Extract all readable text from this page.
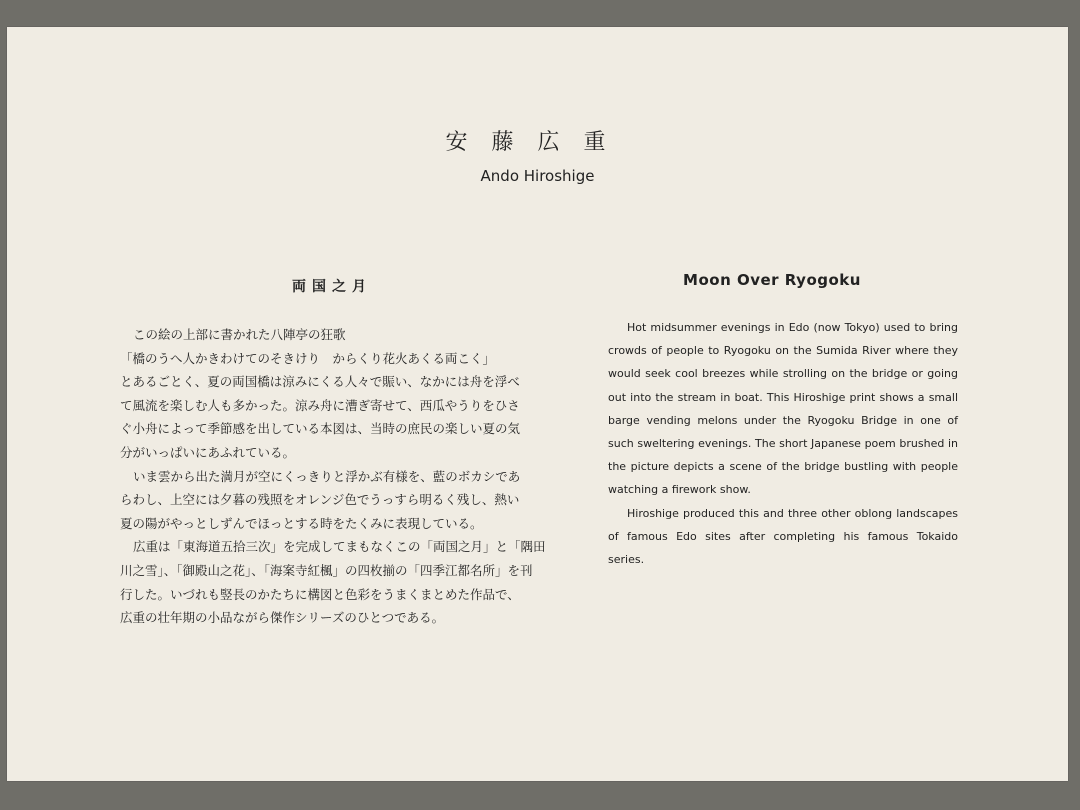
安藤広重
Ando Hiroshige
両国之月
この絵の上部に書かれた八陣亭の狂歌
「橋のうへ人かきわけてのそきけり　からくり花火あくる両こく」
とあるごとく、夏の両国橋は涼みにくる人々で賑い、なかには舟を浮べ
て風流を楽しむ人も多かった。涼み舟に漕ぎ寄せて、西瓜やうりをひさ
ぐ小舟によって季節感を出している本図は、当時の庶民の楽しい夏の気
分がいっぱいにあふれている。
いま雲から出た満月が空にくっきりと浮かぶ有様を、藍のボカシであ
らわし、上空には夕暮の残照をオレンジ色でうっすら明るく残し、熱い
夏の陽がやっとしずんでほっとする時をたくみに表現している。
広重は「東海道五拾三次」を完成してまもなくこの「両国之月」と「隅田
川之雪」、「御殿山之花」、「海案寺紅楓」の四枚揃の「四季江都名所」を刊
行した。いづれも竪長のかたちに構図と色彩をうまくまとめた作品で、
広重の壮年期の小品ながら傑作シリーズのひとつである。
Moon Over Ryogoku

Hot midsummer evenings in Edo (now Tokyo) used to bring crowds of people to Ryogoku on the Sumida River where they would seek cool breezes while strolling on the bridge or going out into the stream in boat. This Hiroshige print shows a small barge vending melons under the Ryogoku Bridge in one of such sweltering evenings. The short Japanese poem brushed in the picture depicts a scene of the bridge bustling with people watching a firework show.

Hiroshige produced this and three other oblong landscapes of famous Edo sites after completing his famous Tokaido series.
